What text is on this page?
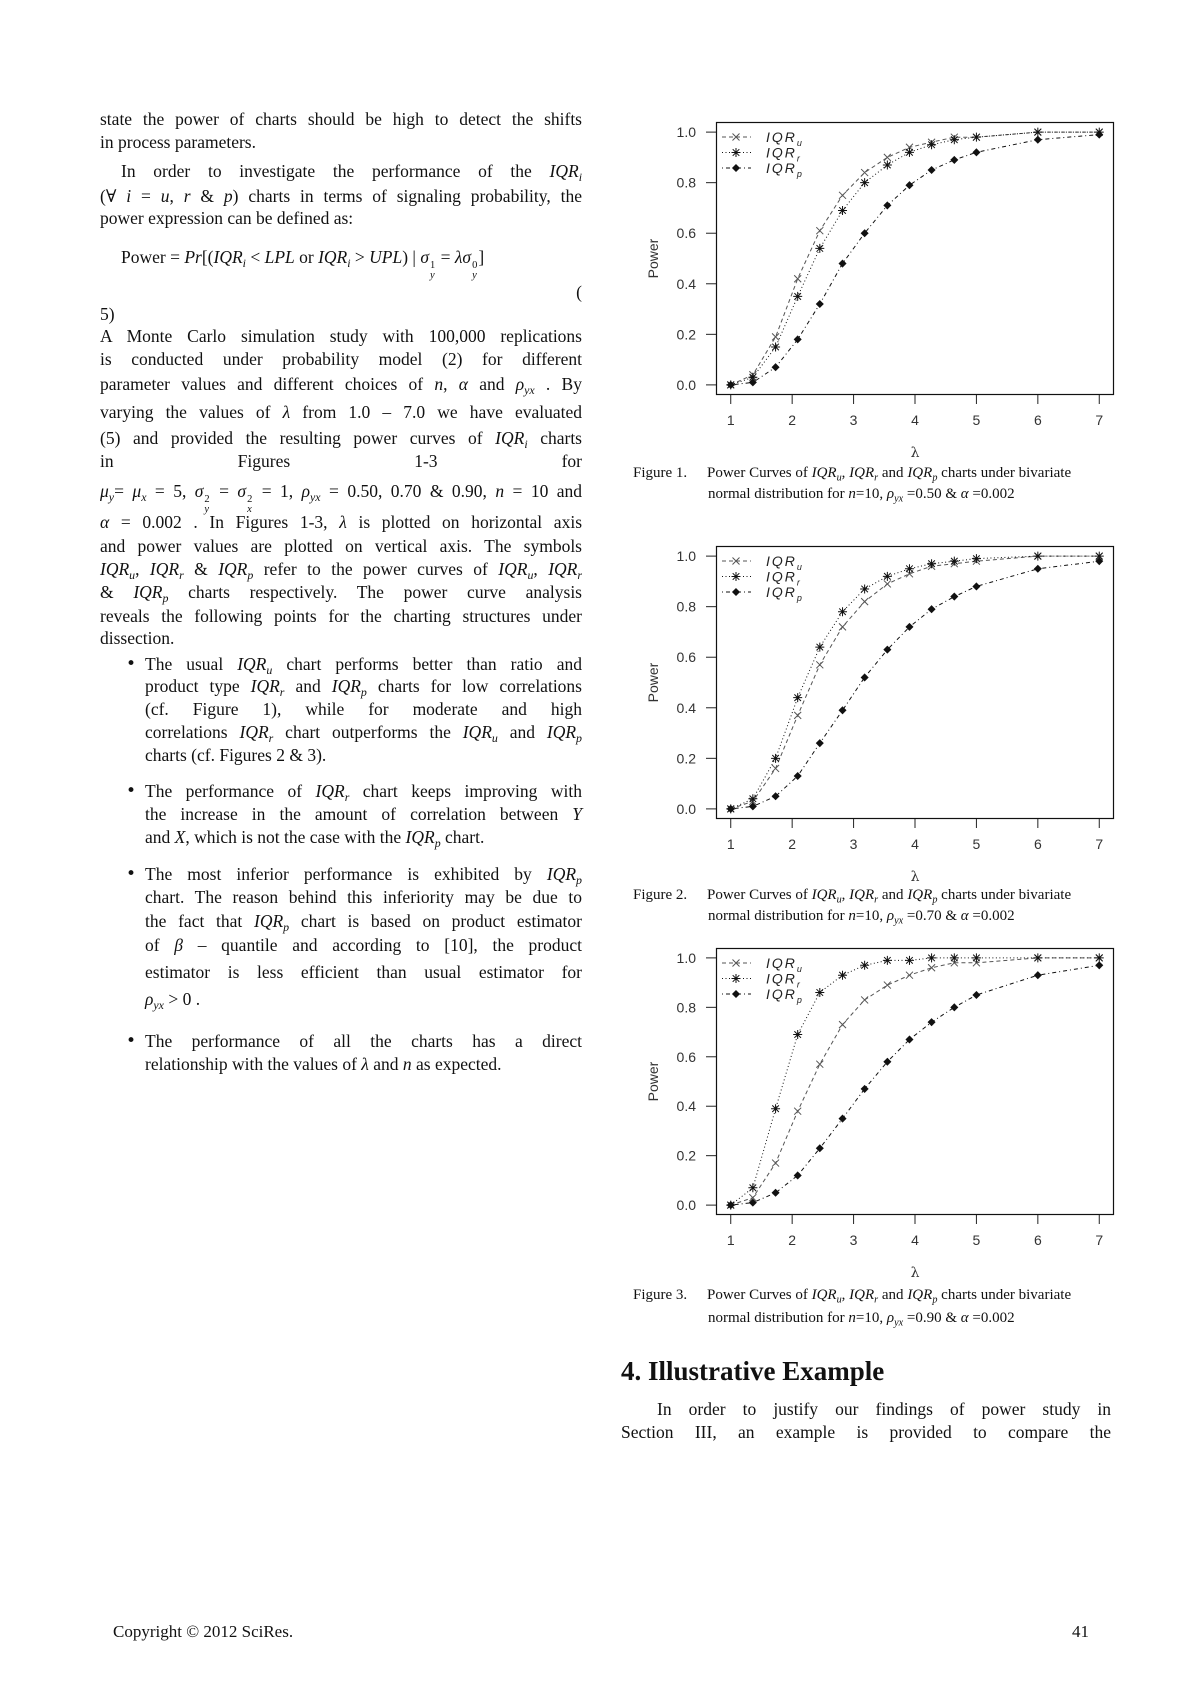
state the power of charts should be high to detect the shifts
in process parameters.
In order to investigate the performance of the $IQR_i$
(∀ i = u, r & p) charts in terms of signaling probability, the
power expression can be defined as:
Power = $Pr[(IQR_i$ < LPL or $IQR_i > UPL$) | σ 1
y
= λσ 0
y
]
(
5)
A Monte Carlo simulation study with 100,000 replications
is conducted under probability model (2) for different
parameter values and different choices of n, α and $\rho_{yx}$ . By
varying the values of λ from 1.0 – 7.0 we have evaluated
(5) and provided the resulting power curves of $IQR_i$ charts
in Figures 1-3 for
$\mu_y= \mu_x = 5$, σ 2
y
= σ 2
x
= 1, $\rho_{yx} = 0.50$, 0.70 & 0.90, n = 10 and
α = 0.002 . In Figures 1-3, λ is plotted on horizontal axis
and power values are plotted on vertical axis. The symbols
$IQR_u$, $IQR_r$ & $IQR_p$ refer to the power curves of $IQR_u$, $IQR_r$
& $IQR_p$ charts respectively. The power curve analysis
reveals the following points for the charting structures under
dissection.
• The usual $IQR_u$ chart performs better than ratio and
product type $IQR_r$ and $IQR_p$ charts for low correlations
(cf. Figure 1), while for moderate and high
correlations $IQR_r$ chart outperforms the $IQR_u$ and $IQR_p$
charts (cf. Figures 2 & 3).
• The performance of $IQR_r$ chart keeps improving with
the increase in the amount of correlation between Y
and X, which is not the case with the $IQR_p$ chart.
• The most inferior performance is exhibited by $IQR_p$
chart. The reason behind this inferiority may be due to
the fact that $IQR_p$ chart is based on product estimator
of β – quantile and according to [10], the product
estimator is less efficient than usual estimator for
$\rho_{yx} > 0$ .
• The performance of all the charts has a direct
relationship with the values of λ and n as expected.
0.0
0.2
0.4
0.6
0.8
1.0
Power
1	2	3	4	5	6	7
λ
$IQR_u$
$IQR_r$
$IQR_p$
Figure 1. Power Curves of $IQR_u$, $IQR_r$ and $IQR_p$ charts under bivariate
normal distribution for n=10, $\rho_{yx} =0.50$ & α =0.002
0.0
0.2
0.4
0.6
0.8
1.0
Power
1	2	3	4	5	6	7
λ
$IQR_u$
$IQR_r$
$IQR_p$
Figure 2. Power Curves of $IQR_u$, $IQR_r$ and $IQR_p$ charts under bivariate
normal distribution for n=10, $\rho_{yx} =0.70$ & α =0.002
0.0
0.2
0.4
0.6
0.8
1.0
Power
1	2	3	4	5	6	7
λ
$IQR_u$
$IQR_r$
$IQR_p$
Figure 3. Power Curves of $IQR_u$, $IQR_r$ and $IQR_p$ charts under bivariate
normal distribution for n=10, $\rho_{yx} =0.90$ & α =0.002
4. Illustrative Example
In order to justify our findings of power study in
Section III, an example is provided to compare the
Copyright © 2012 SciRes.	41
